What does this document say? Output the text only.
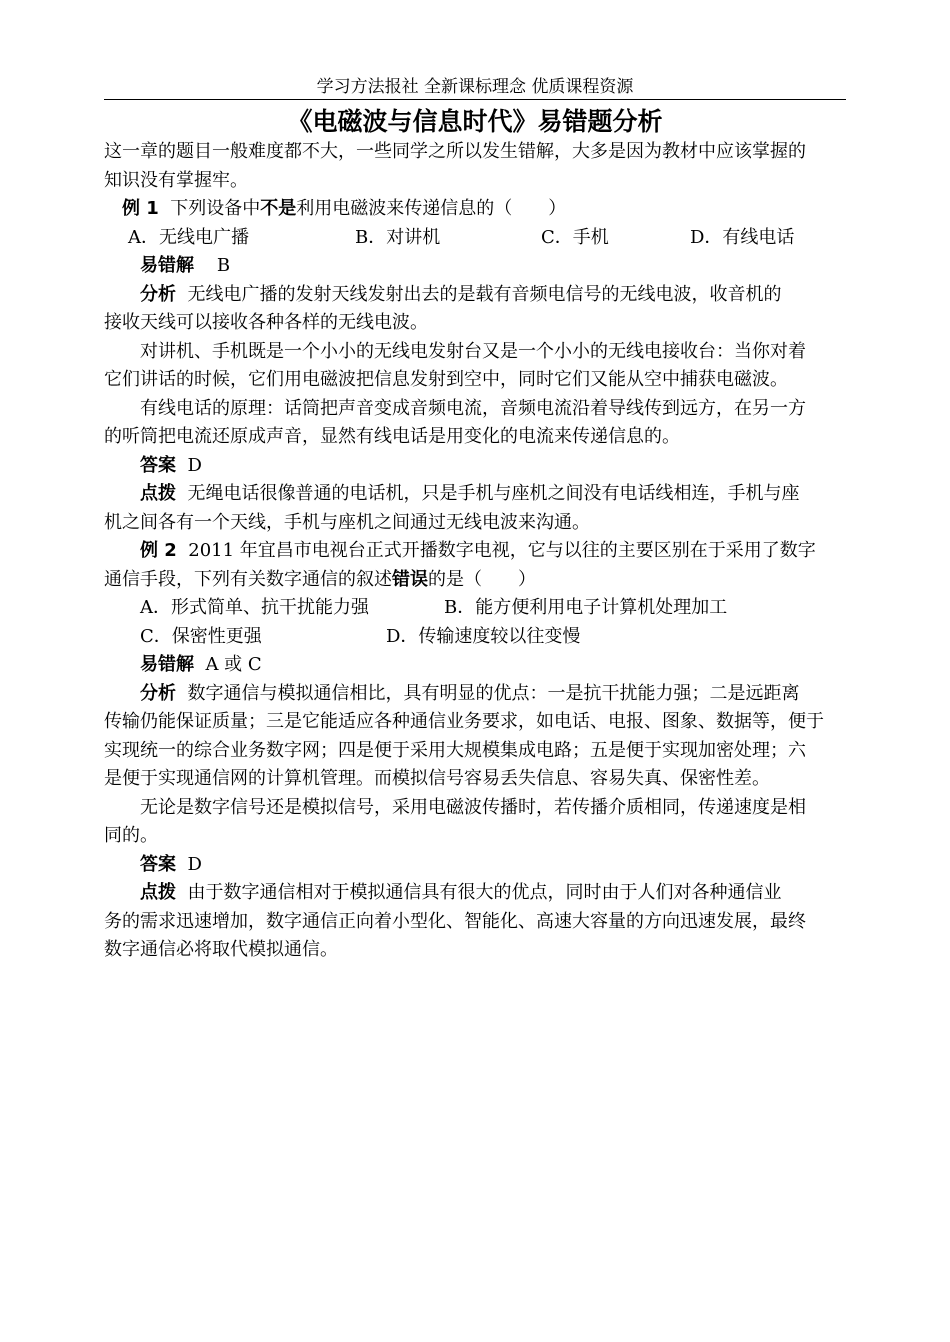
学习方法报社 全新课标理念 优质课程资源
《电磁波与信息时代》易错题分析

这一章的题目一般难度都不大，一些同学之所以发生错解，大多是因为教材中应该掌握的

知识没有掌握牢。

例 1 下列设备中不是利用电磁波来传递信息的（　　）

A．无线电广播	B．对讲机	C．手机	D．有线电话

易错解 B

分析 无线电广播的发射天线发射出去的是载有音频电信号的无线电波，收音机的

接收天线可以接收各种各样的无线电波。

对讲机、手机既是一个小小的无线电发射台又是一个小小的无线电接收台：当你对着

它们讲话的时候，它们用电磁波把信息发射到空中，同时它们又能从空中捕获电磁波。

有线电话的原理：话筒把声音变成音频电流，音频电流沿着导线传到远方，在另一方

的听筒把电流还原成声音，显然有线电话是用变化的电流来传递信息的。

答案 D

点拨 无绳电话很像普通的电话机，只是手机与座机之间没有电话线相连，手机与座

机之间各有一个天线，手机与座机之间通过无线电波来沟通。

例 2 2011 年宜昌市电视台正式开播数字电视，它与以往的主要区别在于采用了数字

通信手段，下列有关数字通信的叙述错误的是（　　）

A．形式简单、抗干扰能力强	B．能方便利用电子计算机处理加工

C．保密性更强	D．传输速度较以往变慢

易错解 A 或 C

分析 数字通信与模拟通信相比，具有明显的优点：一是抗干扰能力强；二是远距离

传输仍能保证质量；三是它能适应各种通信业务要求，如电话、电报、图象、数据等，便于

实现统一的综合业务数字网；四是便于采用大规模集成电路；五是便于实现加密处理；六

是便于实现通信网的计算机管理。而模拟信号容易丢失信息、容易失真、保密性差。

无论是数字信号还是模拟信号，采用电磁波传播时，若传播介质相同，传递速度是相

同的。

答案 D

点拨 由于数字通信相对于模拟通信具有很大的优点，同时由于人们对各种通信业

务的需求迅速增加，数字通信正向着小型化、智能化、高速大容量的方向迅速发展，最终

数字通信必将取代模拟通信。
